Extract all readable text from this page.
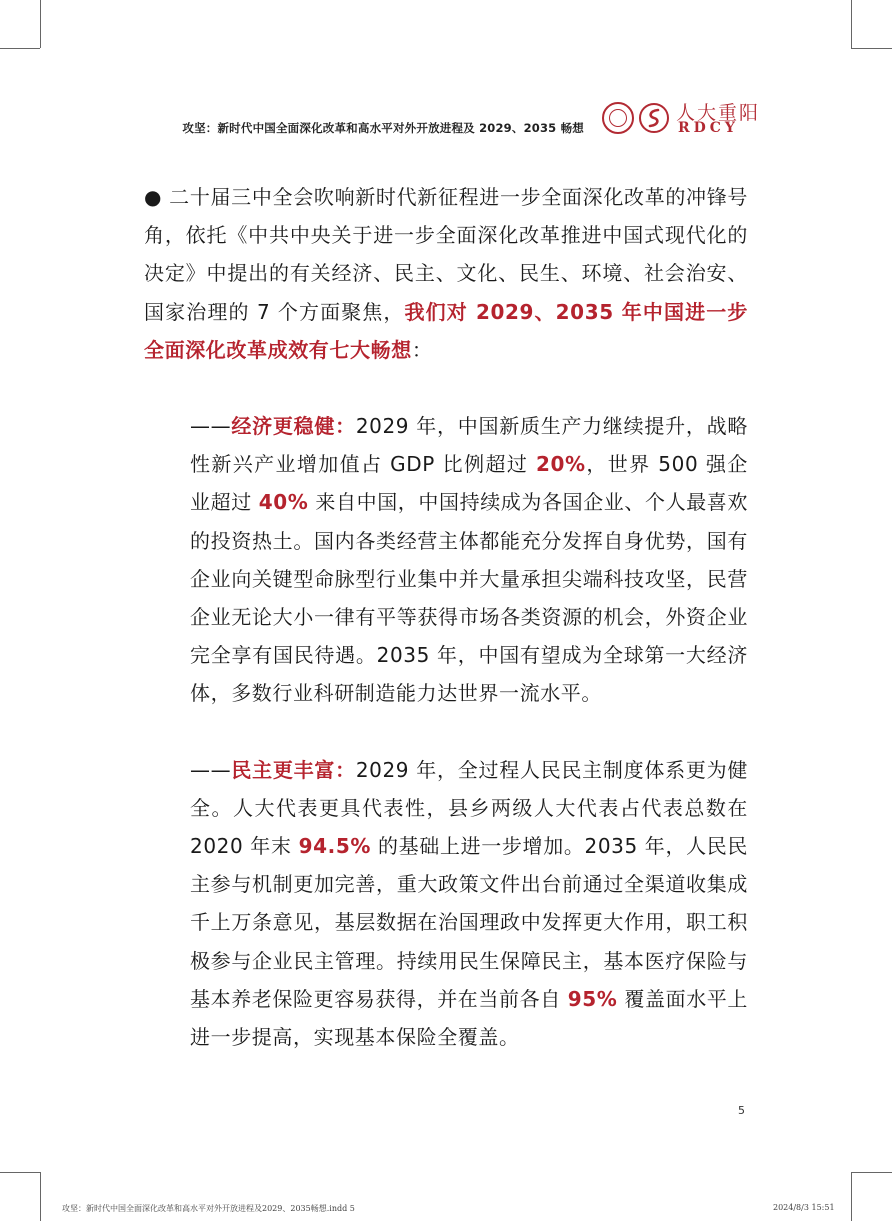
攻坚：新时代中国全面深化改革和高水平对外开放进程及 2029、2035 畅想
人大重阳
RDCY

● 二十届三中全会吹响新时代新征程进一步全面深化改革的冲锋号角，依托《中共中央关于进一步全面深化改革推进中国式现代化的决定》中提出的有关经济、民主、文化、民生、环境、社会治安、国家治理的 7 个方面聚焦，我们对 2029、2035 年中国进一步全面深化改革成效有七大畅想：

——经济更稳健：2029 年，中国新质生产力继续提升，战略性新兴产业增加值占 GDP 比例超过 20%，世界 500 强企业超过 40% 来自中国，中国持续成为各国企业、个人最喜欢的投资热土。国内各类经营主体都能充分发挥自身优势，国有企业向关键型命脉型行业集中并大量承担尖端科技攻坚，民营企业无论大小一律有平等获得市场各类资源的机会，外资企业完全享有国民待遇。2035 年，中国有望成为全球第一大经济体，多数行业科研制造能力达世界一流水平。

——民主更丰富：2029 年，全过程人民民主制度体系更为健全。人大代表更具代表性，县乡两级人大代表占代表总数在 2020 年末 94.5% 的基础上进一步增加。2035 年，人民民主参与机制更加完善，重大政策文件出台前通过全渠道收集成千上万条意见，基层数据在治国理政中发挥更大作用，职工积极参与企业民主管理。持续用民生保障民主，基本医疗保险与基本养老保险更容易获得，并在当前各自 95% 覆盖面水平上进一步提高，实现基本保险全覆盖。

5
攻坚：新时代中国全面深化改革和高水平对外开放进程及2029、2035畅想.indd 5	2024/8/3 15:51
